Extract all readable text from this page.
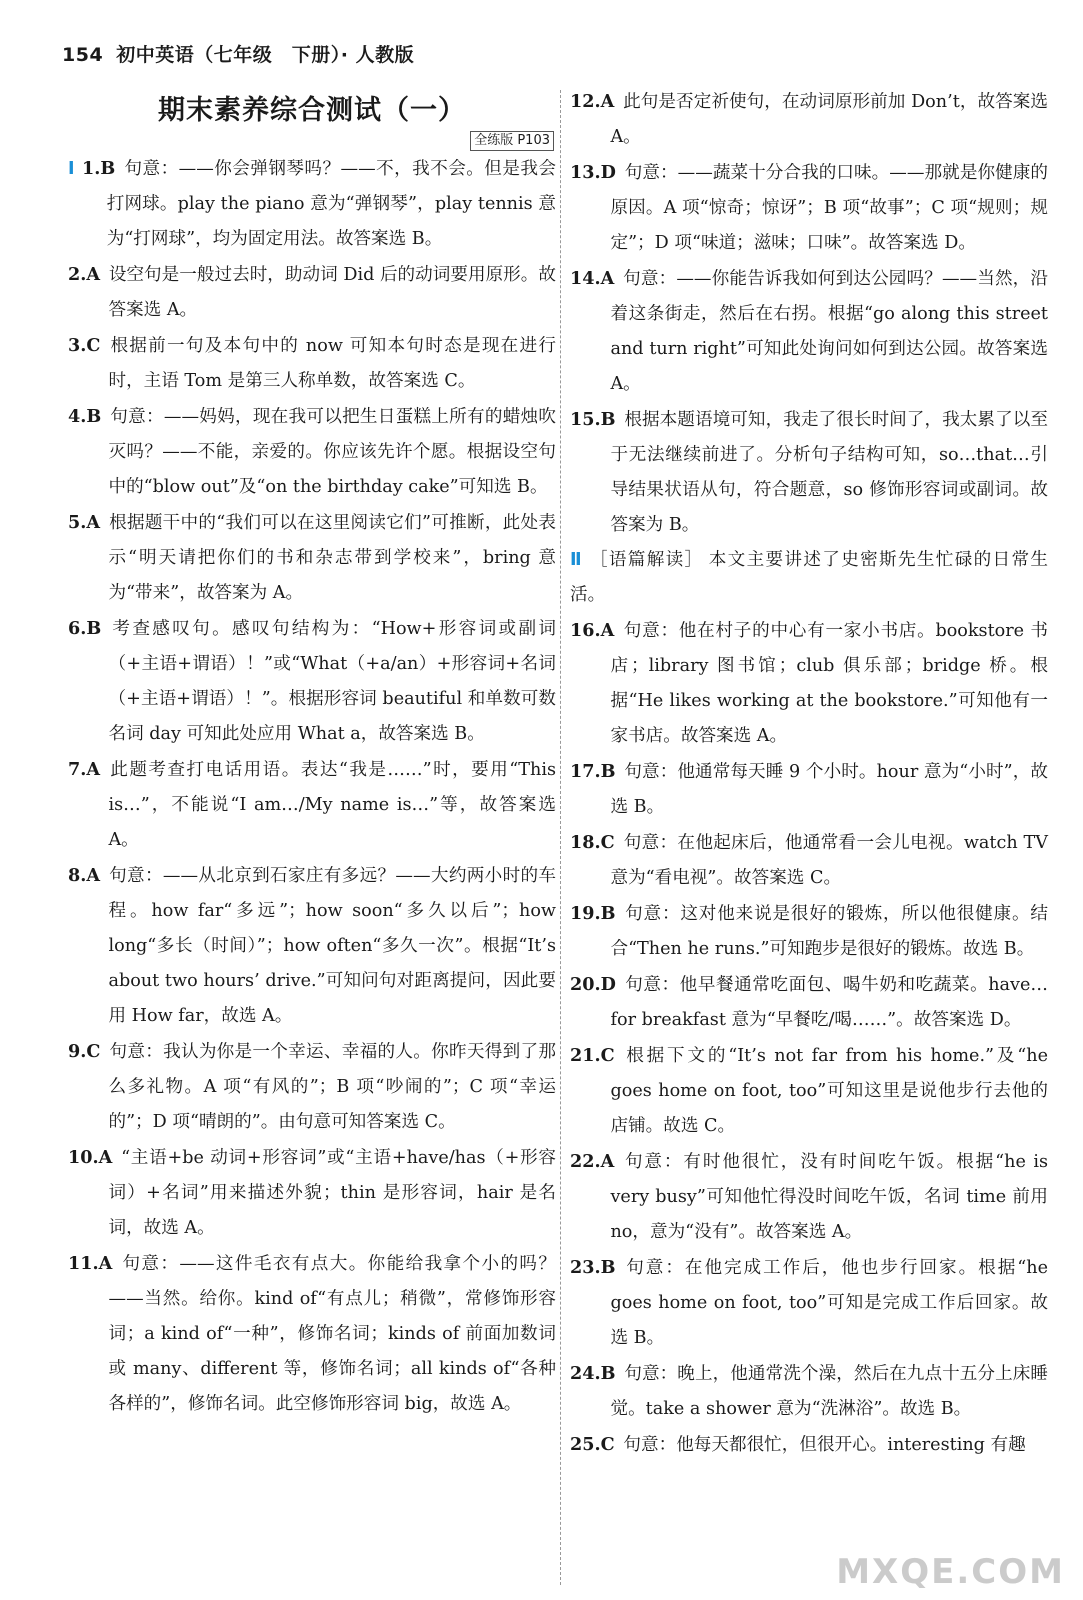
154 初中英语（七年级　下册）· 人教版
期末素养综合测试（一）
全练版 P103

Ⅰ 1.B 句意：——你会弹钢琴吗？——不，我不会。但是我会打网球。play the piano 意为“弹钢琴”，play tennis 意为“打网球”，均为固定用法。故答案选 B。

2.A 设空句是一般过去时，助动词 Did 后的动词要用原形。故答案选 A。

3.C 根据前一句及本句中的 now 可知本句时态是现在进行时，主语 Tom 是第三人称单数，故答案选 C。

4.B 句意：——妈妈，现在我可以把生日蛋糕上所有的蜡烛吹灭吗？——不能，亲爱的。你应该先许个愿。根据设空句中的“blow out”及“on the birthday cake”可知选 B。

5.A 根据题干中的“我们可以在这里阅读它们”可推断，此处表示“明天请把你们的书和杂志带到学校来”，bring 意为“带来”，故答案为 A。

6.B 考查感叹句。感叹句结构为：“How+形容词或副词（+主语+谓语）！”或“What（+a/an）+形容词+名词（+主语+谓语）！”。根据形容词 beautiful 和单数可数名词 day 可知此处应用 What a，故答案选 B。

7.A 此题考查打电话用语。表达“我是……”时，要用“This is…”，不能说“I am…/My name is…”等，故答案选 A。

8.A 句意：——从北京到石家庄有多远？——大约两小时的车程。how far“多远”；how soon“多久以后”；how long“多长（时间）”；how often“多久一次”。根据“It’s about two hours’ drive.”可知问句对距离提问，因此要用 How far，故选 A。

9.C 句意：我认为你是一个幸运、幸福的人。你昨天得到了那么多礼物。A 项“有风的”；B 项“吵闹的”；C 项“幸运的”；D 项“晴朗的”。由句意可知答案选 C。

10.A “主语+be 动词+形容词”或“主语+have/has（+形容词）+名词”用来描述外貌；thin 是形容词，hair 是名词，故选 A。

11.A 句意：——这件毛衣有点大。你能给我拿个小的吗？——当然。给你。kind of“有点儿；稍微”，常修饰形容词；a kind of“一种”，修饰名词；kinds of 前面加数词或 many、different 等，修饰名词；all kinds of“各种各样的”，修饰名词。此空修饰形容词 big，故选 A。

12.A 此句是否定祈使句，在动词原形前加 Don’t，故答案选 A。

13.D 句意：——蔬菜十分合我的口味。——那就是你健康的原因。A 项“惊奇；惊讶”；B 项“故事”；C 项“规则；规定”；D 项“味道；滋味；口味”。故答案选 D。

14.A 句意：——你能告诉我如何到达公园吗？——当然，沿着这条街走，然后在右拐。根据“go along this street and turn right”可知此处询问如何到达公园。故答案选 A。

15.B 根据本题语境可知，我走了很长时间了，我太累了以至于无法继续前进了。分析句子结构可知，so…that…引导结果状语从句，符合题意，so 修饰形容词或副词。故答案为 B。

Ⅱ ［语篇解读］ 本文主要讲述了史密斯先生忙碌的日常生活。

16.A 句意：他在村子的中心有一家小书店。bookstore 书店；library 图书馆；club 俱乐部；bridge 桥。根据“He likes working at the bookstore.”可知他有一家书店。故答案选 A。

17.B 句意：他通常每天睡 9 个小时。hour 意为“小时”，故选 B。

18.C 句意：在他起床后，他通常看一会儿电视。watch TV 意为“看电视”。故答案选 C。

19.B 句意：这对他来说是很好的锻炼，所以他很健康。结合“Then he runs.”可知跑步是很好的锻炼。故选 B。

20.D 句意：他早餐通常吃面包、喝牛奶和吃蔬菜。have…for breakfast 意为“早餐吃/喝……”。故答案选 D。

21.C 根据下文的“It’s not far from his home.”及“he goes home on foot, too”可知这里是说他步行去他的店铺。故选 C。

22.A 句意：有时他很忙，没有时间吃午饭。根据“he is very busy”可知他忙得没时间吃午饭，名词 time 前用 no，意为“没有”。故答案选 A。

23.B 句意：在他完成工作后，他也步行回家。根据“he goes home on foot, too”可知是完成工作后回家。故选 B。

24.B 句意：晚上，他通常洗个澡，然后在九点十五分上床睡觉。take a shower 意为“洗淋浴”。故选 B。

25.C 句意：他每天都很忙，但很开心。interesting 有趣

MXQE.COM
